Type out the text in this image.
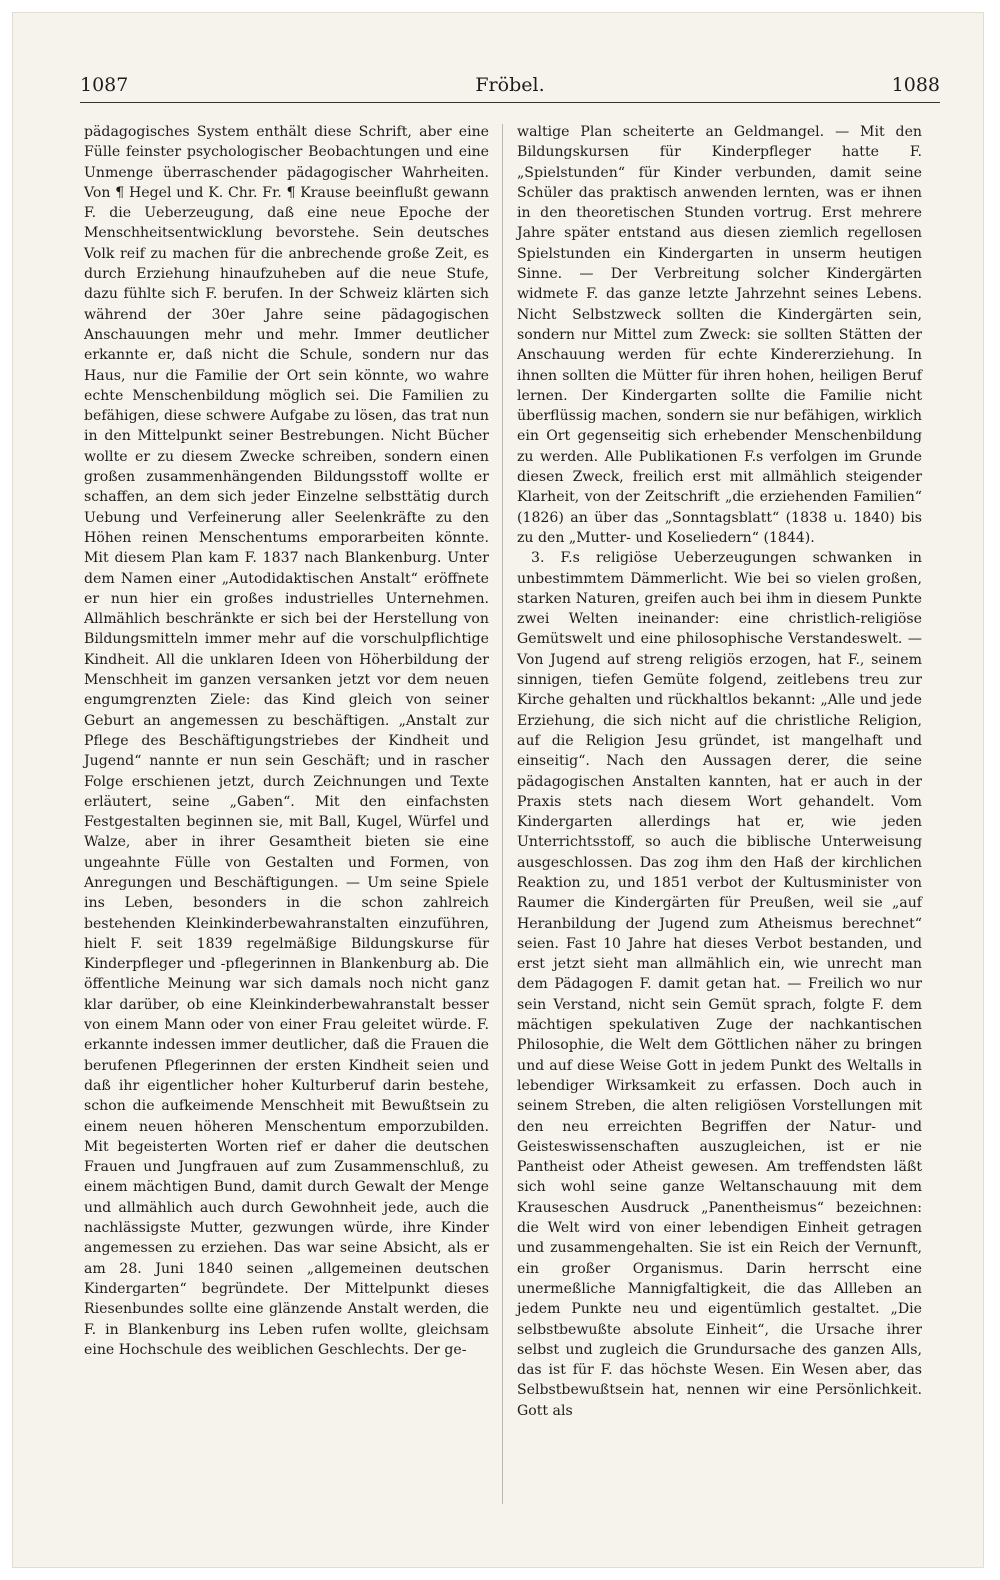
1087	Fröbel.	1088

pädagogisches System enthält diese Schrift, aber eine Fülle feinster psychologischer Beobachtungen und eine Unmenge überraschender pädagogischer Wahrheiten. Von ¶ Hegel und K. Chr. Fr. ¶ Krause beeinflußt gewann F. die Ueberzeugung, daß eine neue Epoche der Menschheitsentwicklung bevorstehe. Sein deutsches Volk reif zu machen für die anbrechende große Zeit, es durch Erziehung hinaufzuheben auf die neue Stufe, dazu fühlte sich F. berufen. In der Schweiz klärten sich während der 30er Jahre seine pädagogischen Anschauungen mehr und mehr. Immer deutlicher erkannte er, daß nicht die Schule, sondern nur das Haus, nur die Familie der Ort sein könnte, wo wahre echte Menschenbildung möglich sei. Die Familien zu befähigen, diese schwere Aufgabe zu lösen, das trat nun in den Mittelpunkt seiner Bestrebungen. Nicht Bücher wollte er zu diesem Zwecke schreiben, sondern einen großen zusammenhängenden Bildungsstoff wollte er schaffen, an dem sich jeder Einzelne selbsttätig durch Uebung und Verfeinerung aller Seelenkräfte zu den Höhen reinen Menschentums emporarbeiten könnte. Mit diesem Plan kam F. 1837 nach Blankenburg. Unter dem Namen einer „Autodidaktischen Anstalt“ eröffnete er nun hier ein großes industrielles Unternehmen. Allmählich beschränkte er sich bei der Herstellung von Bildungsmitteln immer mehr auf die vorschulpflichtige Kindheit. All die unklaren Ideen von Höherbildung der Menschheit im ganzen versanken jetzt vor dem neuen engumgrenzten Ziele: das Kind gleich von seiner Geburt an angemessen zu beschäftigen. „Anstalt zur Pflege des Beschäftigungstriebes der Kindheit und Jugend“ nannte er nun sein Geschäft; und in rascher Folge erschienen jetzt, durch Zeichnungen und Texte erläutert, seine „Gaben“. Mit den einfachsten Festgestalten beginnen sie, mit Ball, Kugel, Würfel und Walze, aber in ihrer Gesamtheit bieten sie eine ungeahnte Fülle von Gestalten und Formen, von Anregungen und Beschäftigungen. — Um seine Spiele ins Leben, besonders in die schon zahlreich bestehenden Kleinkinderbewahranstalten einzuführen, hielt F. seit 1839 regelmäßige Bildungskurse für Kinderpfleger und -pflegerinnen in Blankenburg ab. Die öffentliche Meinung war sich damals noch nicht ganz klar darüber, ob eine Kleinkinderbewahranstalt besser von einem Mann oder von einer Frau geleitet würde. F. erkannte indessen immer deutlicher, daß die Frauen die berufenen Pflegerinnen der ersten Kindheit seien und daß ihr eigentlicher hoher Kulturberuf darin bestehe, schon die aufkeimende Menschheit mit Bewußtsein zu einem neuen höheren Menschentum emporzubilden. Mit begeisterten Worten rief er daher die deutschen Frauen und Jungfrauen auf zum Zusammenschluß, zu einem mächtigen Bund, damit durch Gewalt der Menge und allmählich auch durch Gewohnheit jede, auch die nachlässigste Mutter, gezwungen würde, ihre Kinder angemessen zu erziehen. Das war seine Absicht, als er am 28. Juni 1840 seinen „allgemeinen deutschen Kindergarten“ begründete. Der Mittelpunkt dieses Riesenbundes sollte eine glänzende Anstalt werden, die F. in Blankenburg ins Leben rufen wollte, gleichsam eine Hochschule des weiblichen Geschlechts. Der ge-

waltige Plan scheiterte an Geldmangel. — Mit den Bildungskursen für Kinderpfleger hatte F. „Spielstunden“ für Kinder verbunden, damit seine Schüler das praktisch anwenden lernten, was er ihnen in den theoretischen Stunden vortrug. Erst mehrere Jahre später entstand aus diesen ziemlich regellosen Spielstunden ein Kindergarten in unserm heutigen Sinne. — Der Verbreitung solcher Kindergärten widmete F. das ganze letzte Jahrzehnt seines Lebens. Nicht Selbstzweck sollten die Kindergärten sein, sondern nur Mittel zum Zweck: sie sollten Stätten der Anschauung werden für echte Kindererziehung. In ihnen sollten die Mütter für ihren hohen, heiligen Beruf lernen. Der Kindergarten sollte die Familie nicht überflüssig machen, sondern sie nur befähigen, wirklich ein Ort gegenseitig sich erhebender Menschenbildung zu werden. Alle Publikationen F.s verfolgen im Grunde diesen Zweck, freilich erst mit allmählich steigender Klarheit, von der Zeitschrift „die erziehenden Familien“ (1826) an über das „Sonntagsblatt“ (1838 u. 1840) bis zu den „Mutter- und Koseliedern“ (1844).

3. F.s religiöse Ueberzeugungen schwanken in unbestimmtem Dämmerlicht. Wie bei so vielen großen, starken Naturen, greifen auch bei ihm in diesem Punkte zwei Welten ineinander: eine christlich-religiöse Gemütswelt und eine philosophische Verstandeswelt. — Von Jugend auf streng religiös erzogen, hat F., seinem sinnigen, tiefen Gemüte folgend, zeitlebens treu zur Kirche gehalten und rückhaltlos bekannt: „Alle und jede Erziehung, die sich nicht auf die christliche Religion, auf die Religion Jesu gründet, ist mangelhaft und einseitig“. Nach den Aussagen derer, die seine pädagogischen Anstalten kannten, hat er auch in der Praxis stets nach diesem Wort gehandelt. Vom Kindergarten allerdings hat er, wie jeden Unterrichtsstoff, so auch die biblische Unterweisung ausgeschlossen. Das zog ihm den Haß der kirchlichen Reaktion zu, und 1851 verbot der Kultusminister von Raumer die Kindergärten für Preußen, weil sie „auf Heranbildung der Jugend zum Atheismus berechnet“ seien. Fast 10 Jahre hat dieses Verbot bestanden, und erst jetzt sieht man allmählich ein, wie unrecht man dem Pädagogen F. damit getan hat. — Freilich wo nur sein Verstand, nicht sein Gemüt sprach, folgte F. dem mächtigen spekulativen Zuge der nachkantischen Philosophie, die Welt dem Göttlichen näher zu bringen und auf diese Weise Gott in jedem Punkt des Weltalls in lebendiger Wirksamkeit zu erfassen. Doch auch in seinem Streben, die alten religiösen Vorstellungen mit den neu erreichten Begriffen der Natur- und Geisteswissenschaften auszugleichen, ist er nie Pantheist oder Atheist gewesen. Am treffendsten läßt sich wohl seine ganze Weltanschauung mit dem Krauseschen Ausdruck „Panentheismus“ bezeichnen: die Welt wird von einer lebendigen Einheit getragen und zusammengehalten. Sie ist ein Reich der Vernunft, ein großer Organismus. Darin herrscht eine unermeßliche Mannigfaltigkeit, die das Allleben an jedem Punkte neu und eigentümlich gestaltet. „Die selbstbewußte absolute Einheit“, die Ursache ihrer selbst und zugleich die Grundursache des ganzen Alls, das ist für F. das höchste Wesen. Ein Wesen aber, das Selbstbewußtsein hat, nennen wir eine Persönlichkeit. Gott als
